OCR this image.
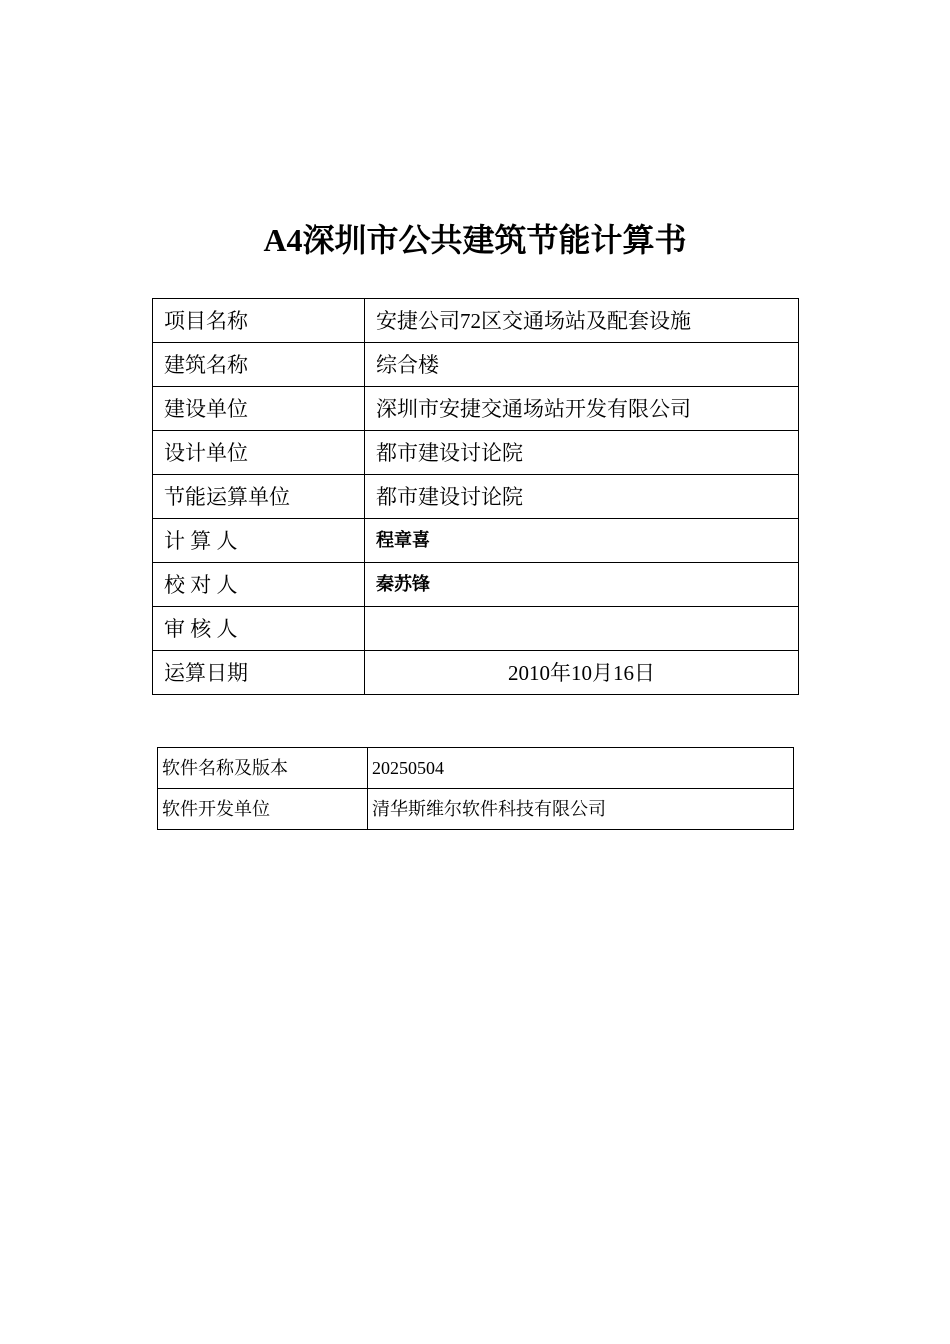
A4深圳市公共建筑节能计算书
项目名称	安捷公司72区交通场站及配套设施
建筑名称	综合楼
建设单位	深圳市安捷交通场站开发有限公司
设计单位	都市建设讨论院
节能运算单位	都市建设讨论院
计 算 人	程章喜
校 对 人	秦苏锋
审 核 人	
运算日期	2010年10月16日
软件名称及版本	20250504
软件开发单位	清华斯维尔软件科技有限公司
